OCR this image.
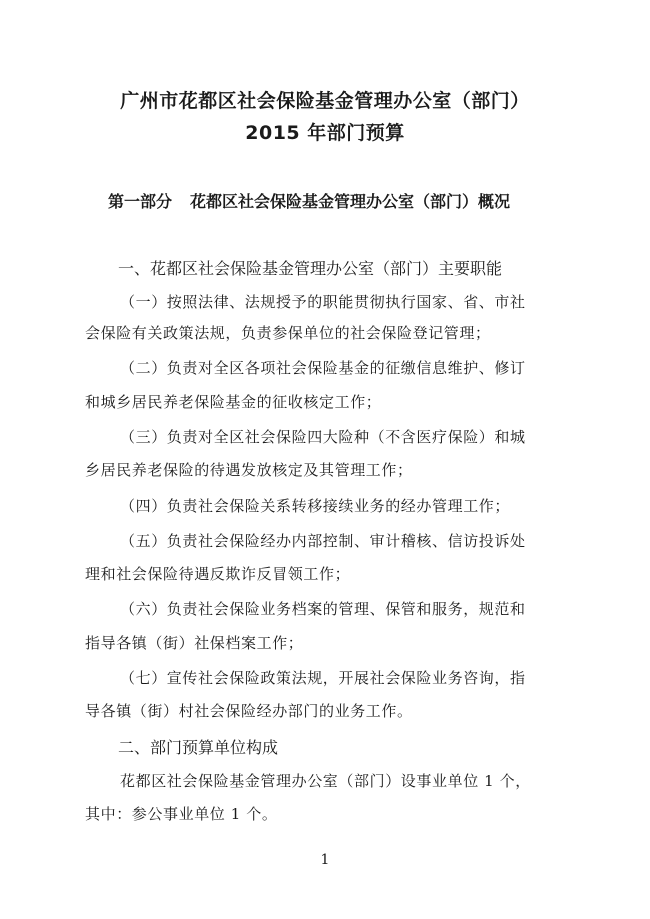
广州市花都区社会保险基金管理办公室（部门）
2015 年部门预算
第一部分 花都区社会保险基金管理办公室（部门）概况
一、花都区社会保险基金管理办公室（部门）主要职能
（一）按照法律、法规授予的职能贯彻执行国家、省、市社
会保险有关政策法规，负责参保单位的社会保险登记管理；
（二）负责对全区各项社会保险基金的征缴信息维护、修订
和城乡居民养老保险基金的征收核定工作；
（三）负责对全区社会保险四大险种（不含医疗保险）和城
乡居民养老保险的待遇发放核定及其管理工作；
（四）负责社会保险关系转移接续业务的经办管理工作；
（五）负责社会保险经办内部控制、审计稽核、信访投诉处
理和社会保险待遇反欺诈反冒领工作；
（六）负责社会保险业务档案的管理、保管和服务，规范和
指导各镇（街）社保档案工作；
（七）宣传社会保险政策法规，开展社会保险业务咨询，指
导各镇（街）村社会保险经办部门的业务工作。
二、部门预算单位构成
花都区社会保险基金管理办公室（部门）设事业单位 1 个，
其中：参公事业单位 1 个。
1
